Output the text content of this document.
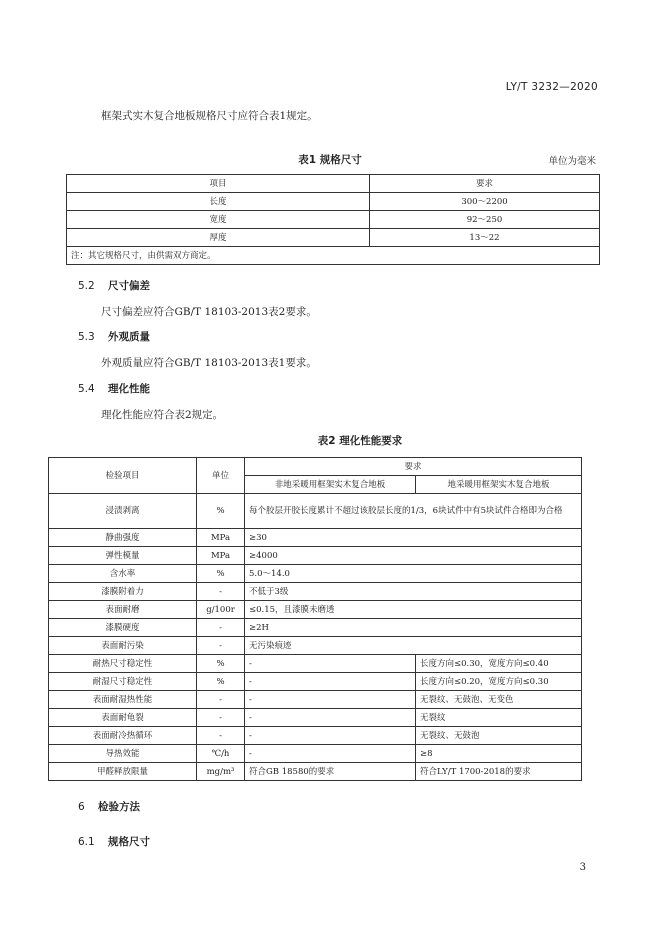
LY/T 3232—2020
框架式实木复合地板规格尺寸应符合表1规定。
表1 规格尺寸	单位为毫米
项目	要求
长度	300～2200
宽度	92～250
厚度	13～22
注：其它规格尺寸，由供需双方商定。	
5.2 尺寸偏差
尺寸偏差应符合GB/T 18103-2013表2要求。
5.3 外观质量
外观质量应符合GB/T 18103-2013表1要求。
5.4 理化性能
理化性能应符合表2规定。
表2 理化性能要求
检验项目	单位	要求	
		非地采暖用框架实木复合地板	地采暖用框架实木复合地板
浸渍剥离	%	每个胶层开胶长度累计不超过该胶层长度的1/3，6块试件中有5块试件合格即为合格	
静曲强度	MPa	≥30	
弹性模量	MPa	≥4000	
含水率	%	5.0～14.0	
漆膜附着力	-	不低于3级	
表面耐磨	g/100r	≤0.15，且漆膜未磨透	
漆膜硬度	-	≥2H	
表面耐污染	-	无污染痕迹	
耐热尺寸稳定性	%	-	长度方向≤0.30，宽度方向≤0.40
耐湿尺寸稳定性	%	-	长度方向≤0.20，宽度方向≤0.30
表面耐湿热性能	-	-	无裂纹、无鼓泡、无变色
表面耐龟裂	-	-	无裂纹
表面耐冷热循环	-	-	无裂纹、无鼓泡
导热效能	℃/h	-	≥8
甲醛释放限量	mg/m³	符合GB 18580的要求	符合LY/T 1700-2018的要求
6 检验方法
6.1 规格尺寸
3
